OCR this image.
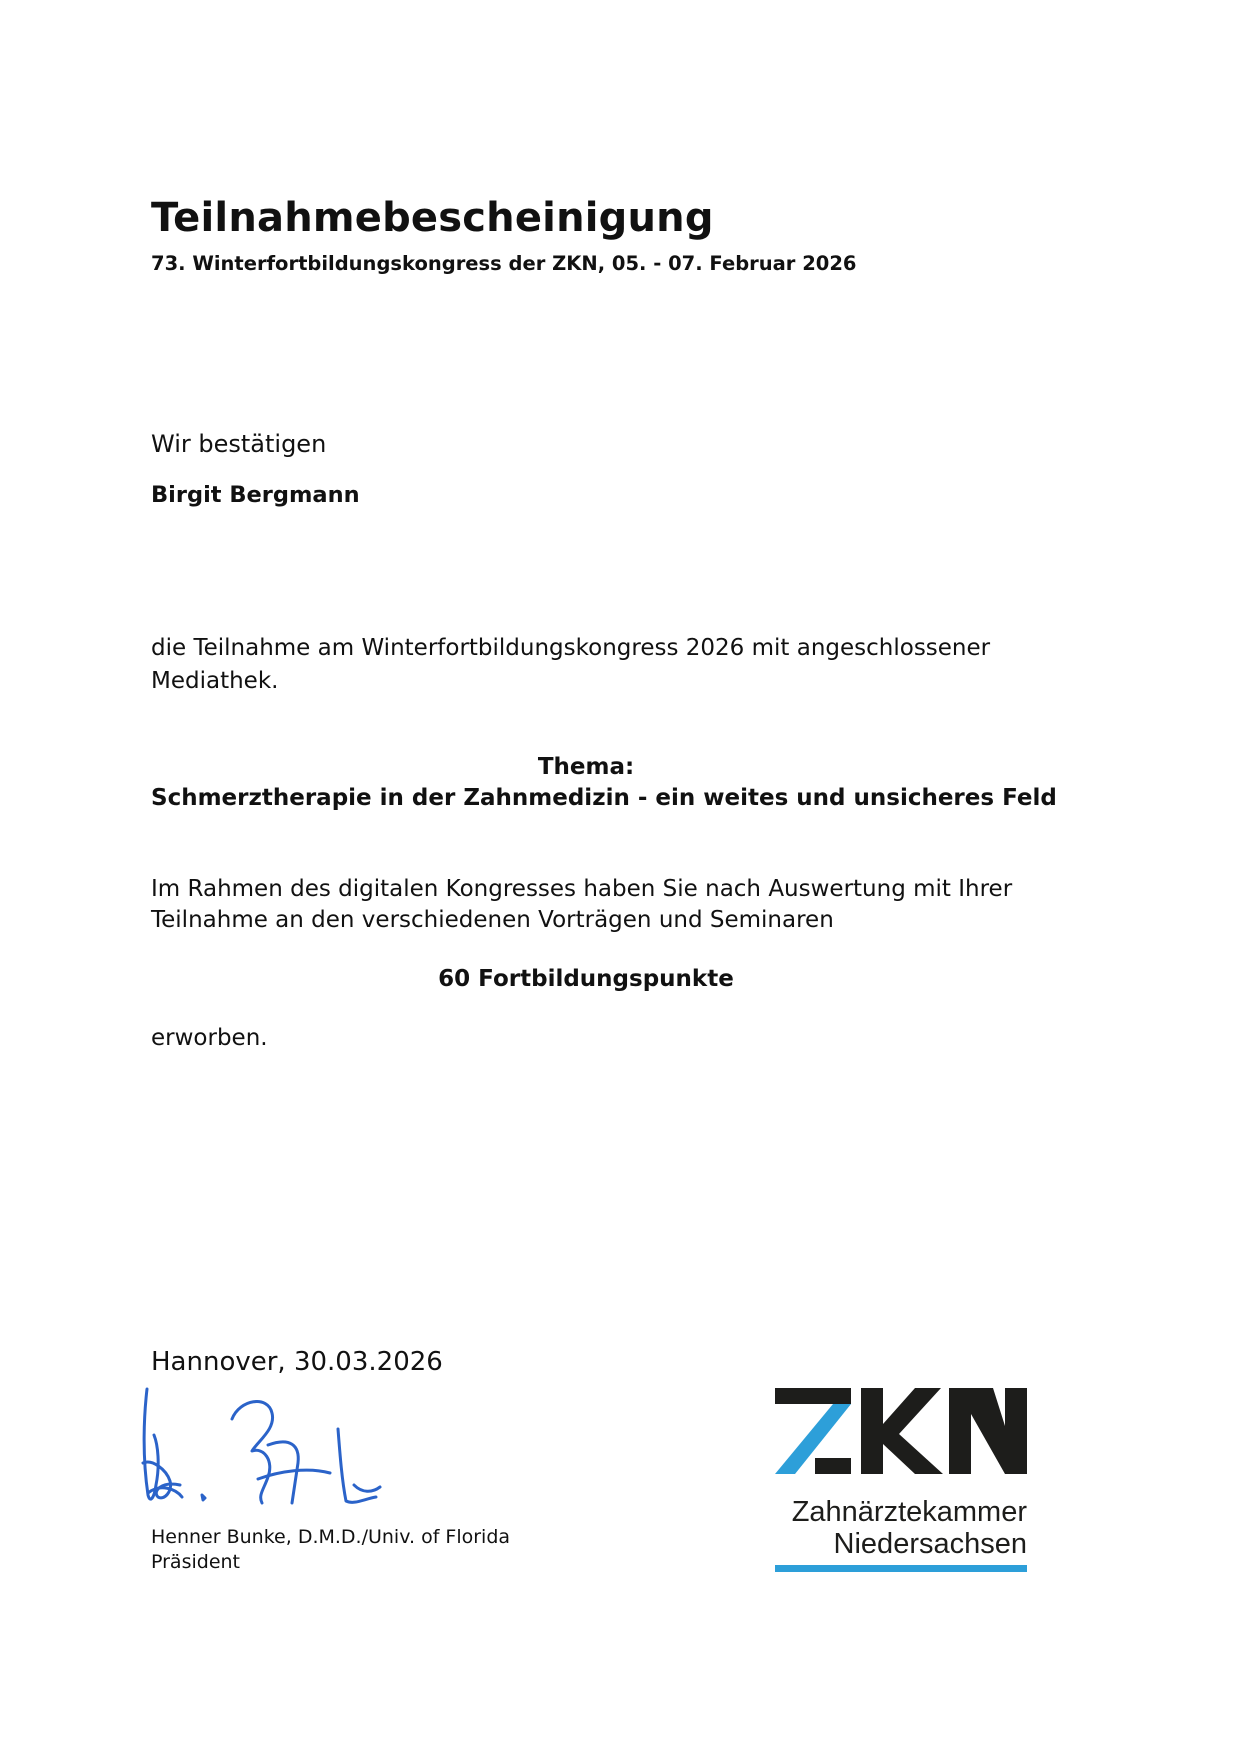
Teilnahmebescheinigung
73. Winterfortbildungskongress der ZKN, 05. - 07. Februar 2026
Wir bestätigen
Birgit Bergmann
die Teilnahme am Winterfortbildungskongress 2026 mit angeschlossener Mediathek.
Thema:
Schmerztherapie in der Zahnmedizin - ein weites und unsicheres Feld
Im Rahmen des digitalen Kongresses haben Sie nach Auswertung mit Ihrer Teilnahme an den verschiedenen Vorträgen und Seminaren
60 Fortbildungspunkte
erworben.
Hannover, 30.03.2026
Henner Bunke, D.M.D./Univ. of Florida
Präsident
Zahnärztekammer
Niedersachsen
